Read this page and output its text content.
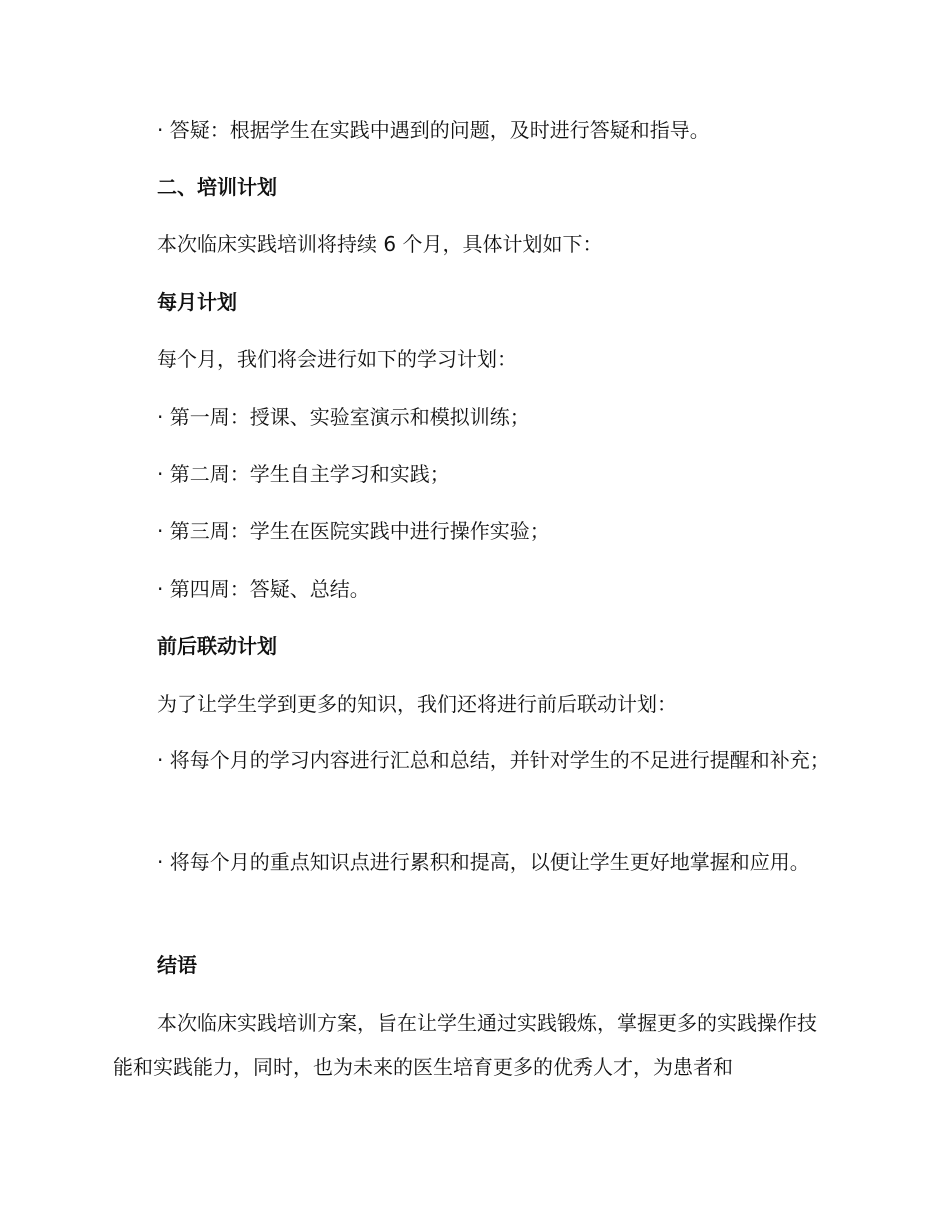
· 答疑：根据学生在实践中遇到的问题，及时进行答疑和指导。

二、培训计划

本次临床实践培训将持续 6 个月，具体计划如下：

每月计划

每个月，我们将会进行如下的学习计划：

· 第一周：授课、实验室演示和模拟训练；

· 第二周：学生自主学习和实践；

· 第三周：学生在医院实践中进行操作实验；

· 第四周：答疑、总结。

前后联动计划

为了让学生学到更多的知识，我们还将进行前后联动计划：

· 将每个月的学习内容进行汇总和总结，并针对学生的不足进行提醒和补充；

· 将每个月的重点知识点进行累积和提高，以便让学生更好地掌握和应用。

结语

本次临床实践培训方案，旨在让学生通过实践锻炼，掌握更多的实践操作技能和实践能力，同时，也为未来的医生培育更多的优秀人才，为患者和
